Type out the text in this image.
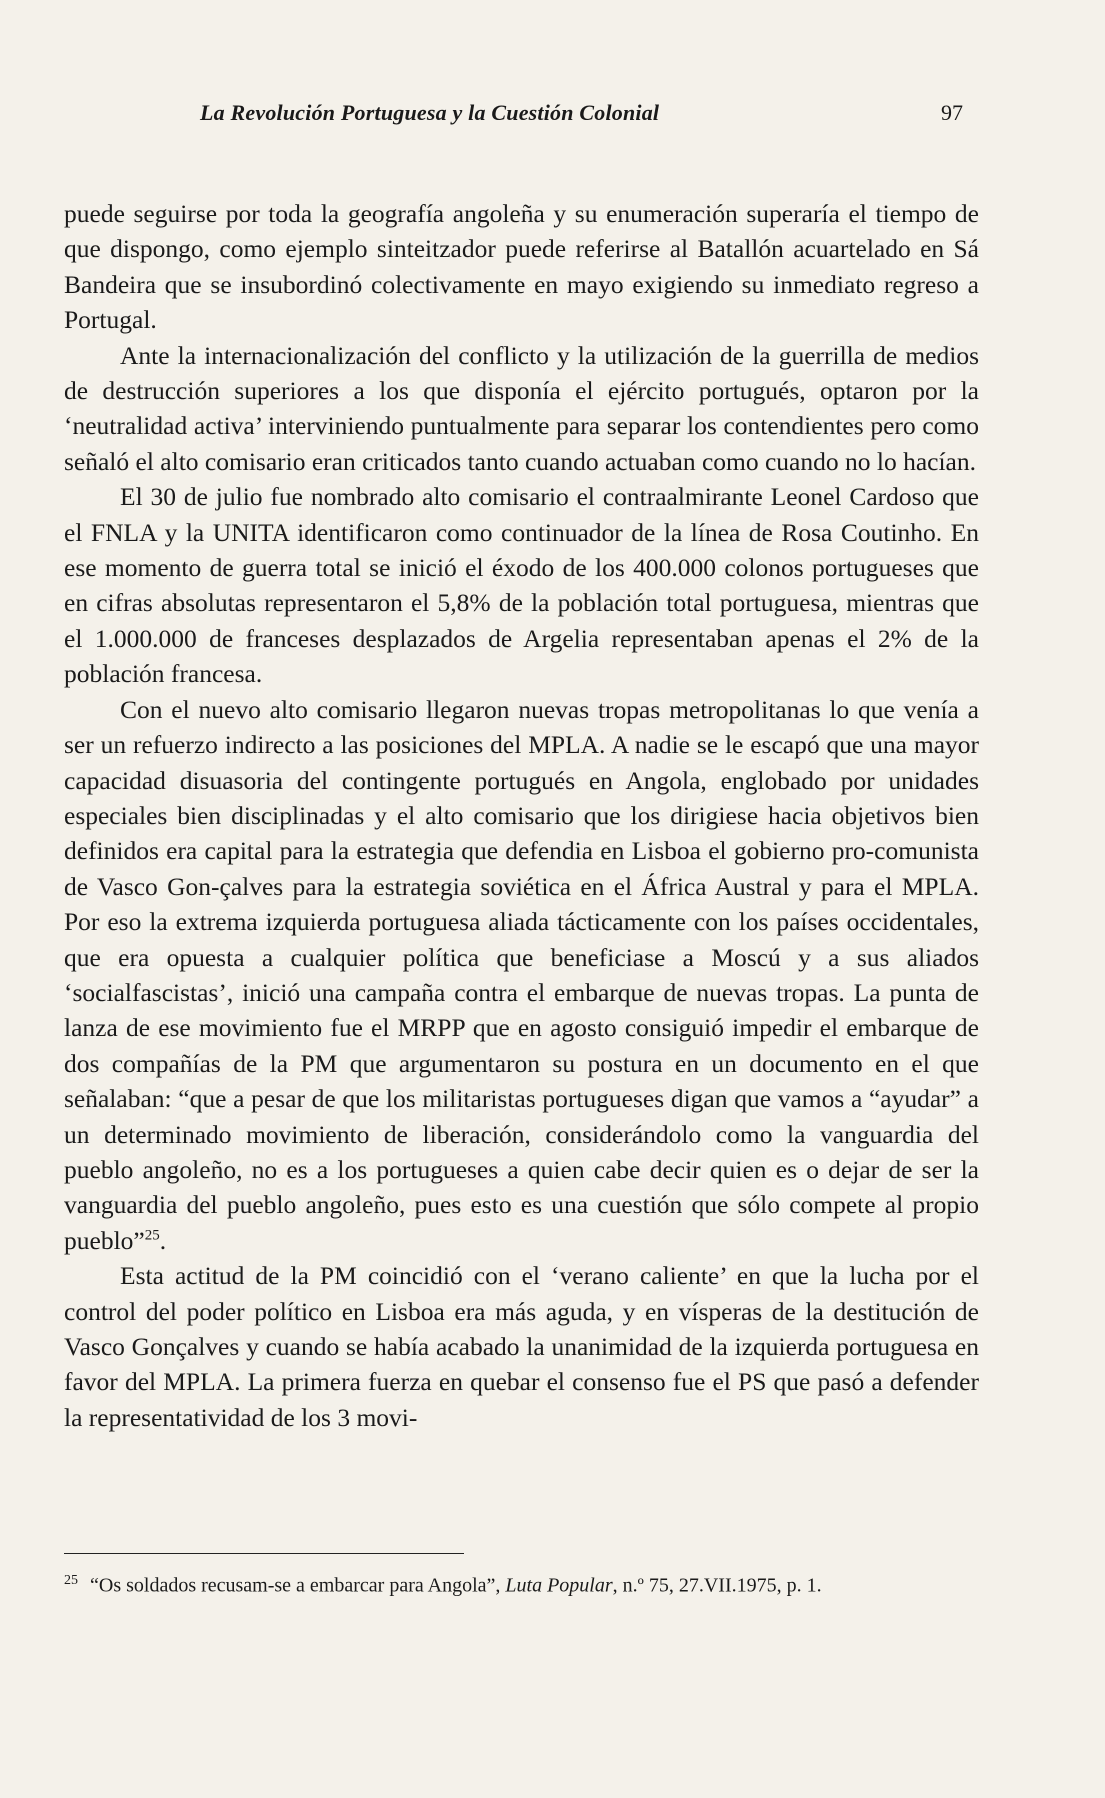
La Revolución Portuguesa y la Cuestión Colonial	97

puede seguirse por toda la geografía angoleña y su enumeración superaría el tiempo de que dispongo, como ejemplo sinteitzador puede referirse al Batallón acuartelado en Sá Bandeira que se insubordinó colectivamente en mayo exigiendo su inmediato regreso a Portugal.

Ante la internacionalización del conflicto y la utilización de la guerrilla de medios de destrucción superiores a los que disponía el ejército portugués, optaron por la ‘neutralidad activa’ interviniendo puntualmente para separar los contendientes pero como señaló el alto comisario eran criticados tanto cuando actuaban como cuando no lo hacían.

El 30 de julio fue nombrado alto comisario el contraalmirante Leonel Cardoso que el FNLA y la UNITA identificaron como continuador de la línea de Rosa Coutinho. En ese momento de guerra total se inició el éxodo de los 400.000 colonos portugueses que en cifras absolutas representaron el 5,8% de la población total portuguesa, mientras que el 1.000.000 de franceses desplazados de Argelia representaban apenas el 2% de la población francesa.

Con el nuevo alto comisario llegaron nuevas tropas metropolitanas lo que venía a ser un refuerzo indirecto a las posiciones del MPLA. A nadie se le escapó que una mayor capacidad disuasoria del contingente portugués en Angola, englobado por unidades especiales bien disciplinadas y el alto comisario que los dirigiese hacia objetivos bien definidos era capital para la estrategia que defendia en Lisboa el gobierno pro-comunista de Vasco Gon-çalves para la estrategia soviética en el África Austral y para el MPLA. Por eso la extrema izquierda portuguesa aliada tácticamente con los países occidentales, que era opuesta a cualquier política que beneficiase a Moscú y a sus aliados ‘socialfascistas’, inició una campaña contra el embarque de nuevas tropas. La punta de lanza de ese movimiento fue el MRPP que en agosto consiguió impedir el embarque de dos compañías de la PM que argumentaron su postura en un documento en el que señalaban: “que a pesar de que los militaristas portugueses digan que vamos a “ayudar” a un determinado movimiento de liberación, considerándolo como la vanguardia del pueblo angoleño, no es a los portugueses a quien cabe decir quien es o dejar de ser la vanguardia del pueblo angoleño, pues esto es una cuestión que sólo compete al propio pueblo”$^{25}$.

Esta actitud de la PM coincidió con el ‘verano caliente’ en que la lucha por el control del poder político en Lisboa era más aguda, y en vísperas de la destitución de Vasco Gonçalves y cuando se había acabado la unanimidad de la izquierda portuguesa en favor del MPLA. La primera fuerza en quebar el consenso fue el PS que pasó a defender la representatividad de los 3 movi-

$^{25}$ “Os soldados recusam-se a embarcar para Angola”, Luta Popular, n.º 75, 27.VII.1975, p. 1.
